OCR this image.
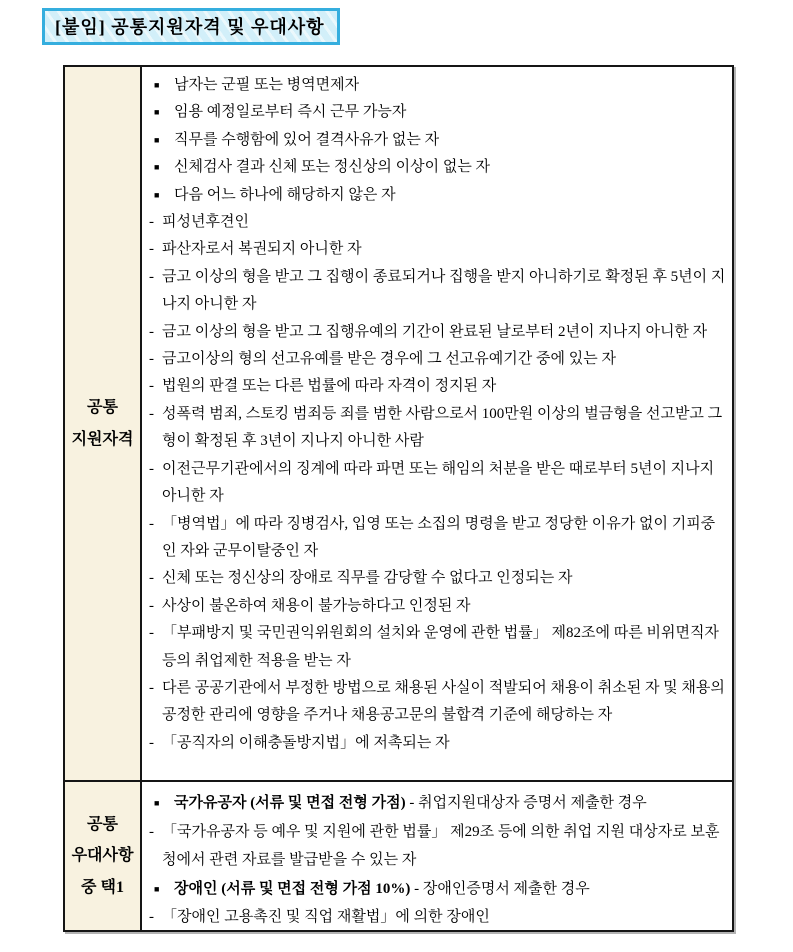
[붙임] 공통지원자격 및 우대사항
공통
지원자격
■ 남자는 군필 또는 병역면제자
■ 임용 예정일로부터 즉시 근무 가능자
■ 직무를 수행함에 있어 결격사유가 없는 자
■ 신체검사 결과 신체 또는 정신상의 이상이 없는 자
■ 다음 어느 하나에 해당하지 않은 자
- 피성년후견인
- 파산자로서 복권되지 아니한 자
- 금고 이상의 형을 받고 그 집행이 종료되거나 집행을 받지 아니하기로 확정된 후 5년이 지나지 아니한 자
- 금고 이상의 형을 받고 그 집행유예의 기간이 완료된 날로부터 2년이 지나지 아니한 자
- 금고이상의 형의 선고유예를 받은 경우에 그 선고유예기간 중에 있는 자
- 법원의 판결 또는 다른 법률에 따라 자격이 정지된 자
- 성폭력 범죄, 스토킹 범죄등 죄를 범한 사람으로서 100만원 이상의 벌금형을 선고받고 그 형이 확정된 후 3년이 지나지 아니한 사람
- 이전근무기관에서의 징계에 따라 파면 또는 해임의 처분을 받은 때로부터 5년이 지나지 아니한 자
- 「병역법」에 따라 징병검사, 입영 또는 소집의 명령을 받고 정당한 이유가 없이 기피중인 자와 군무이탈중인 자
- 신체 또는 정신상의 장애로 직무를 감당할 수 없다고 인정되는 자
- 사상이 불온하여 채용이 불가능하다고 인정된 자
- 「부패방지 및 국민권익위원회의 설치와 운영에 관한 법률」 제82조에 따른 비위면직자 등의 취업제한 적용을 받는 자
- 다른 공공기관에서 부정한 방법으로 채용된 사실이 적발되어 채용이 취소된 자 및 채용의 공정한 관리에 영향을 주거나 채용공고문의 불합격 기준에 해당하는 자
- 「공직자의 이해충돌방지법」에 저촉되는 자
공통
우대사항
중 택1
■ 국가유공자 (서류 및 면접 전형 가점) - 취업지원대상자 증명서 제출한 경우
- 「국가유공자 등 예우 및 지원에 관한 법률」 제29조 등에 의한 취업 지원 대상자로 보훈청에서 관련 자료를 발급받을 수 있는 자
■ 장애인 (서류 및 면접 전형 가점 10%) - 장애인증명서 제출한 경우
- 「장애인 고용촉진 및 직업 재활법」에 의한 장애인
